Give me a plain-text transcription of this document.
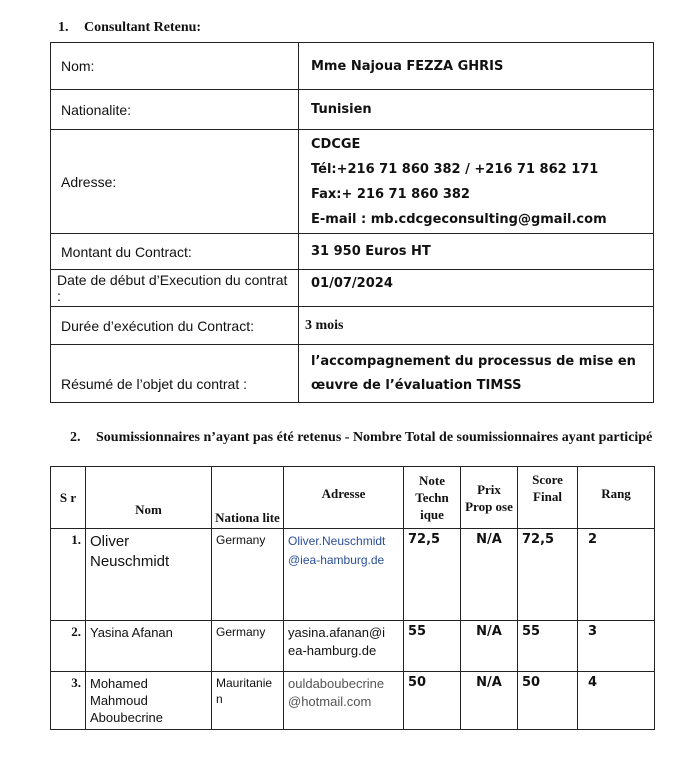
1. Consultant Retenu:
Nom:	Mme Najoua FEZZA GHRIS
Nationalite:	Tunisien
Adresse:	CDCGE
Tél:+216 71 860 382 / +216 71 862 171
Fax:+ 216 71 860 382
E-mail : mb.cdcgeconsulting@gmail.com

Montant du Contract:	31 950 Euros HT
Date de début d’Execution du contrat :	01/07/2024
Durée d’exécution du Contract:	3 mois
Résumé de l’objet du contrat :	l’accompagnement du processus de mise en œuvre de l’évaluation TIMSS
2. Soumissionnaires n’ayant pas été retenus - Nombre Total de soumissionnaires ayant participé
S r	Nom	Nationa lite	Adresse	Note Techn ique	Prix Prop ose	Score Final	Rang
1.	Oliver Neuschmidt	Germany	Oliver.Neuschmidt @iea-hamburg.de	72,5	N/A	72,5	2
2.	Yasina Afanan	Germany	yasina.afanan@i ea-hamburg.de	55	N/A	55	3
3.	Mohamed Mahmoud Aboubecrine	Mauritanie n	ouldaboubecrine @hotmail.com	50	N/A	50	4
